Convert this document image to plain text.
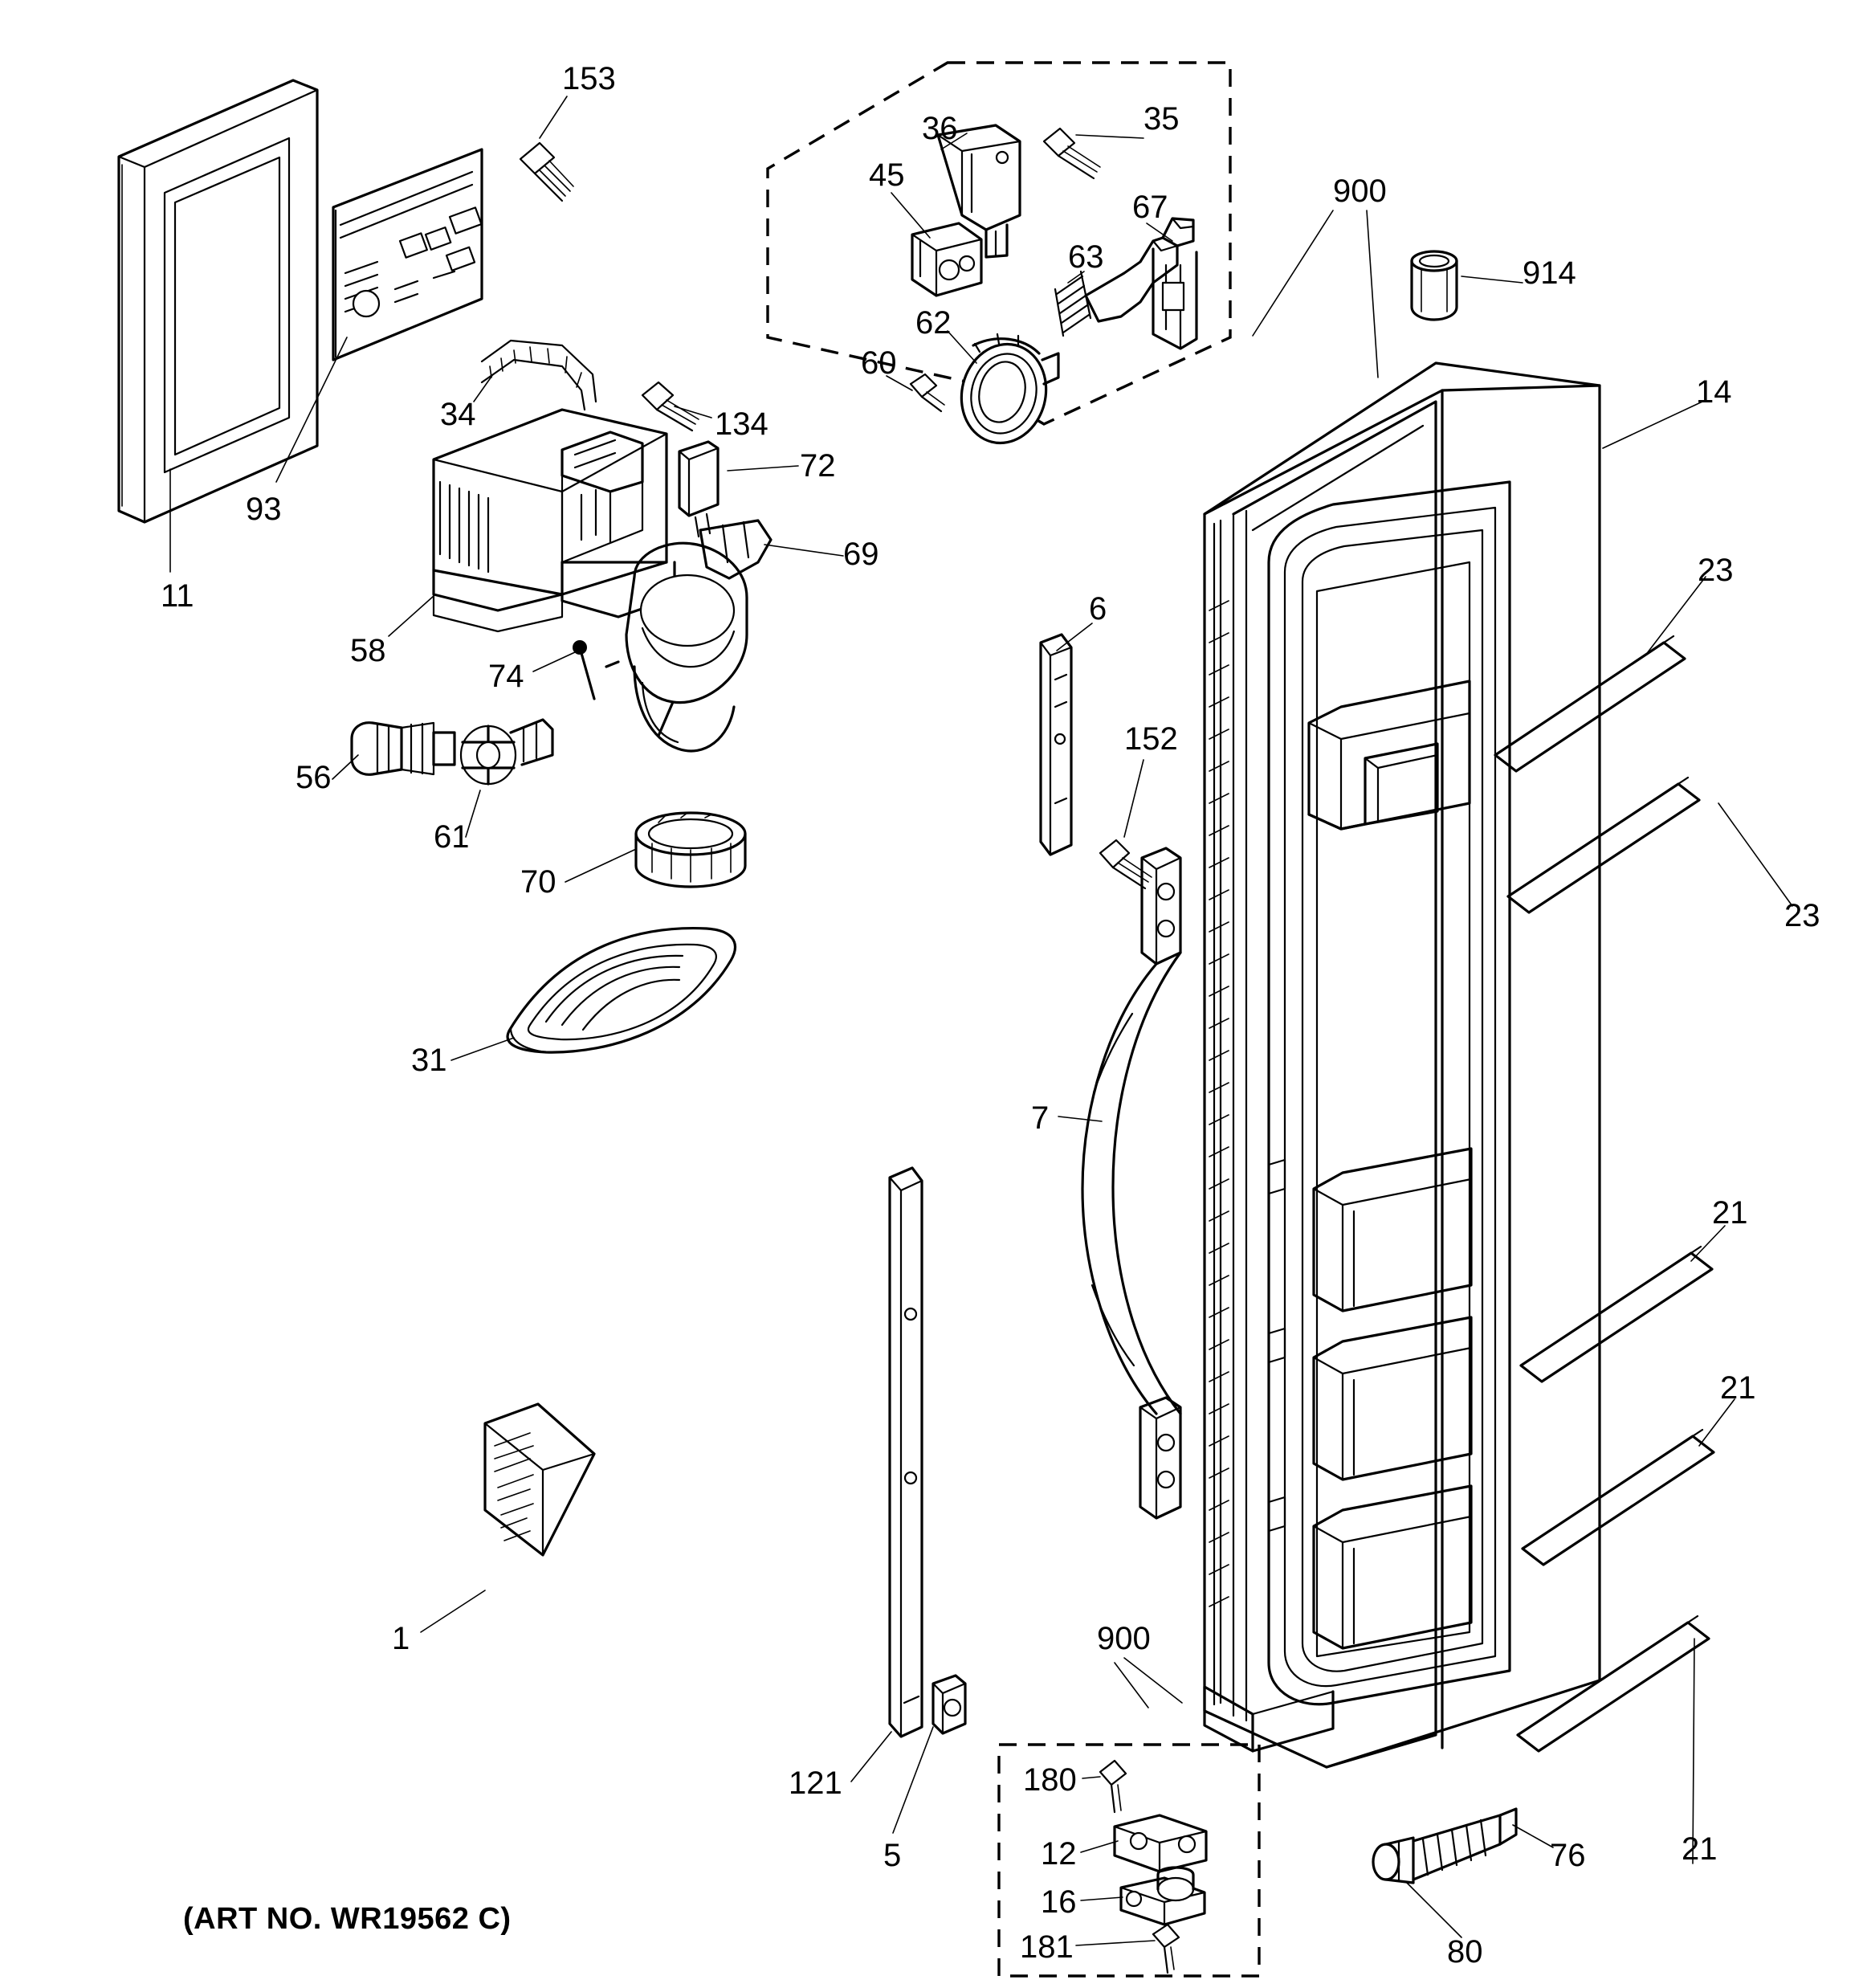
153
36	35
45
67	900
914
63
62
60
34	134
93
14
72
69
11
23
58
74
6
23
152
56
61
70
31
7
21
21
1	900
121
5
180
12
16
181
76	21
80
(ART NO. WR19562 C)
